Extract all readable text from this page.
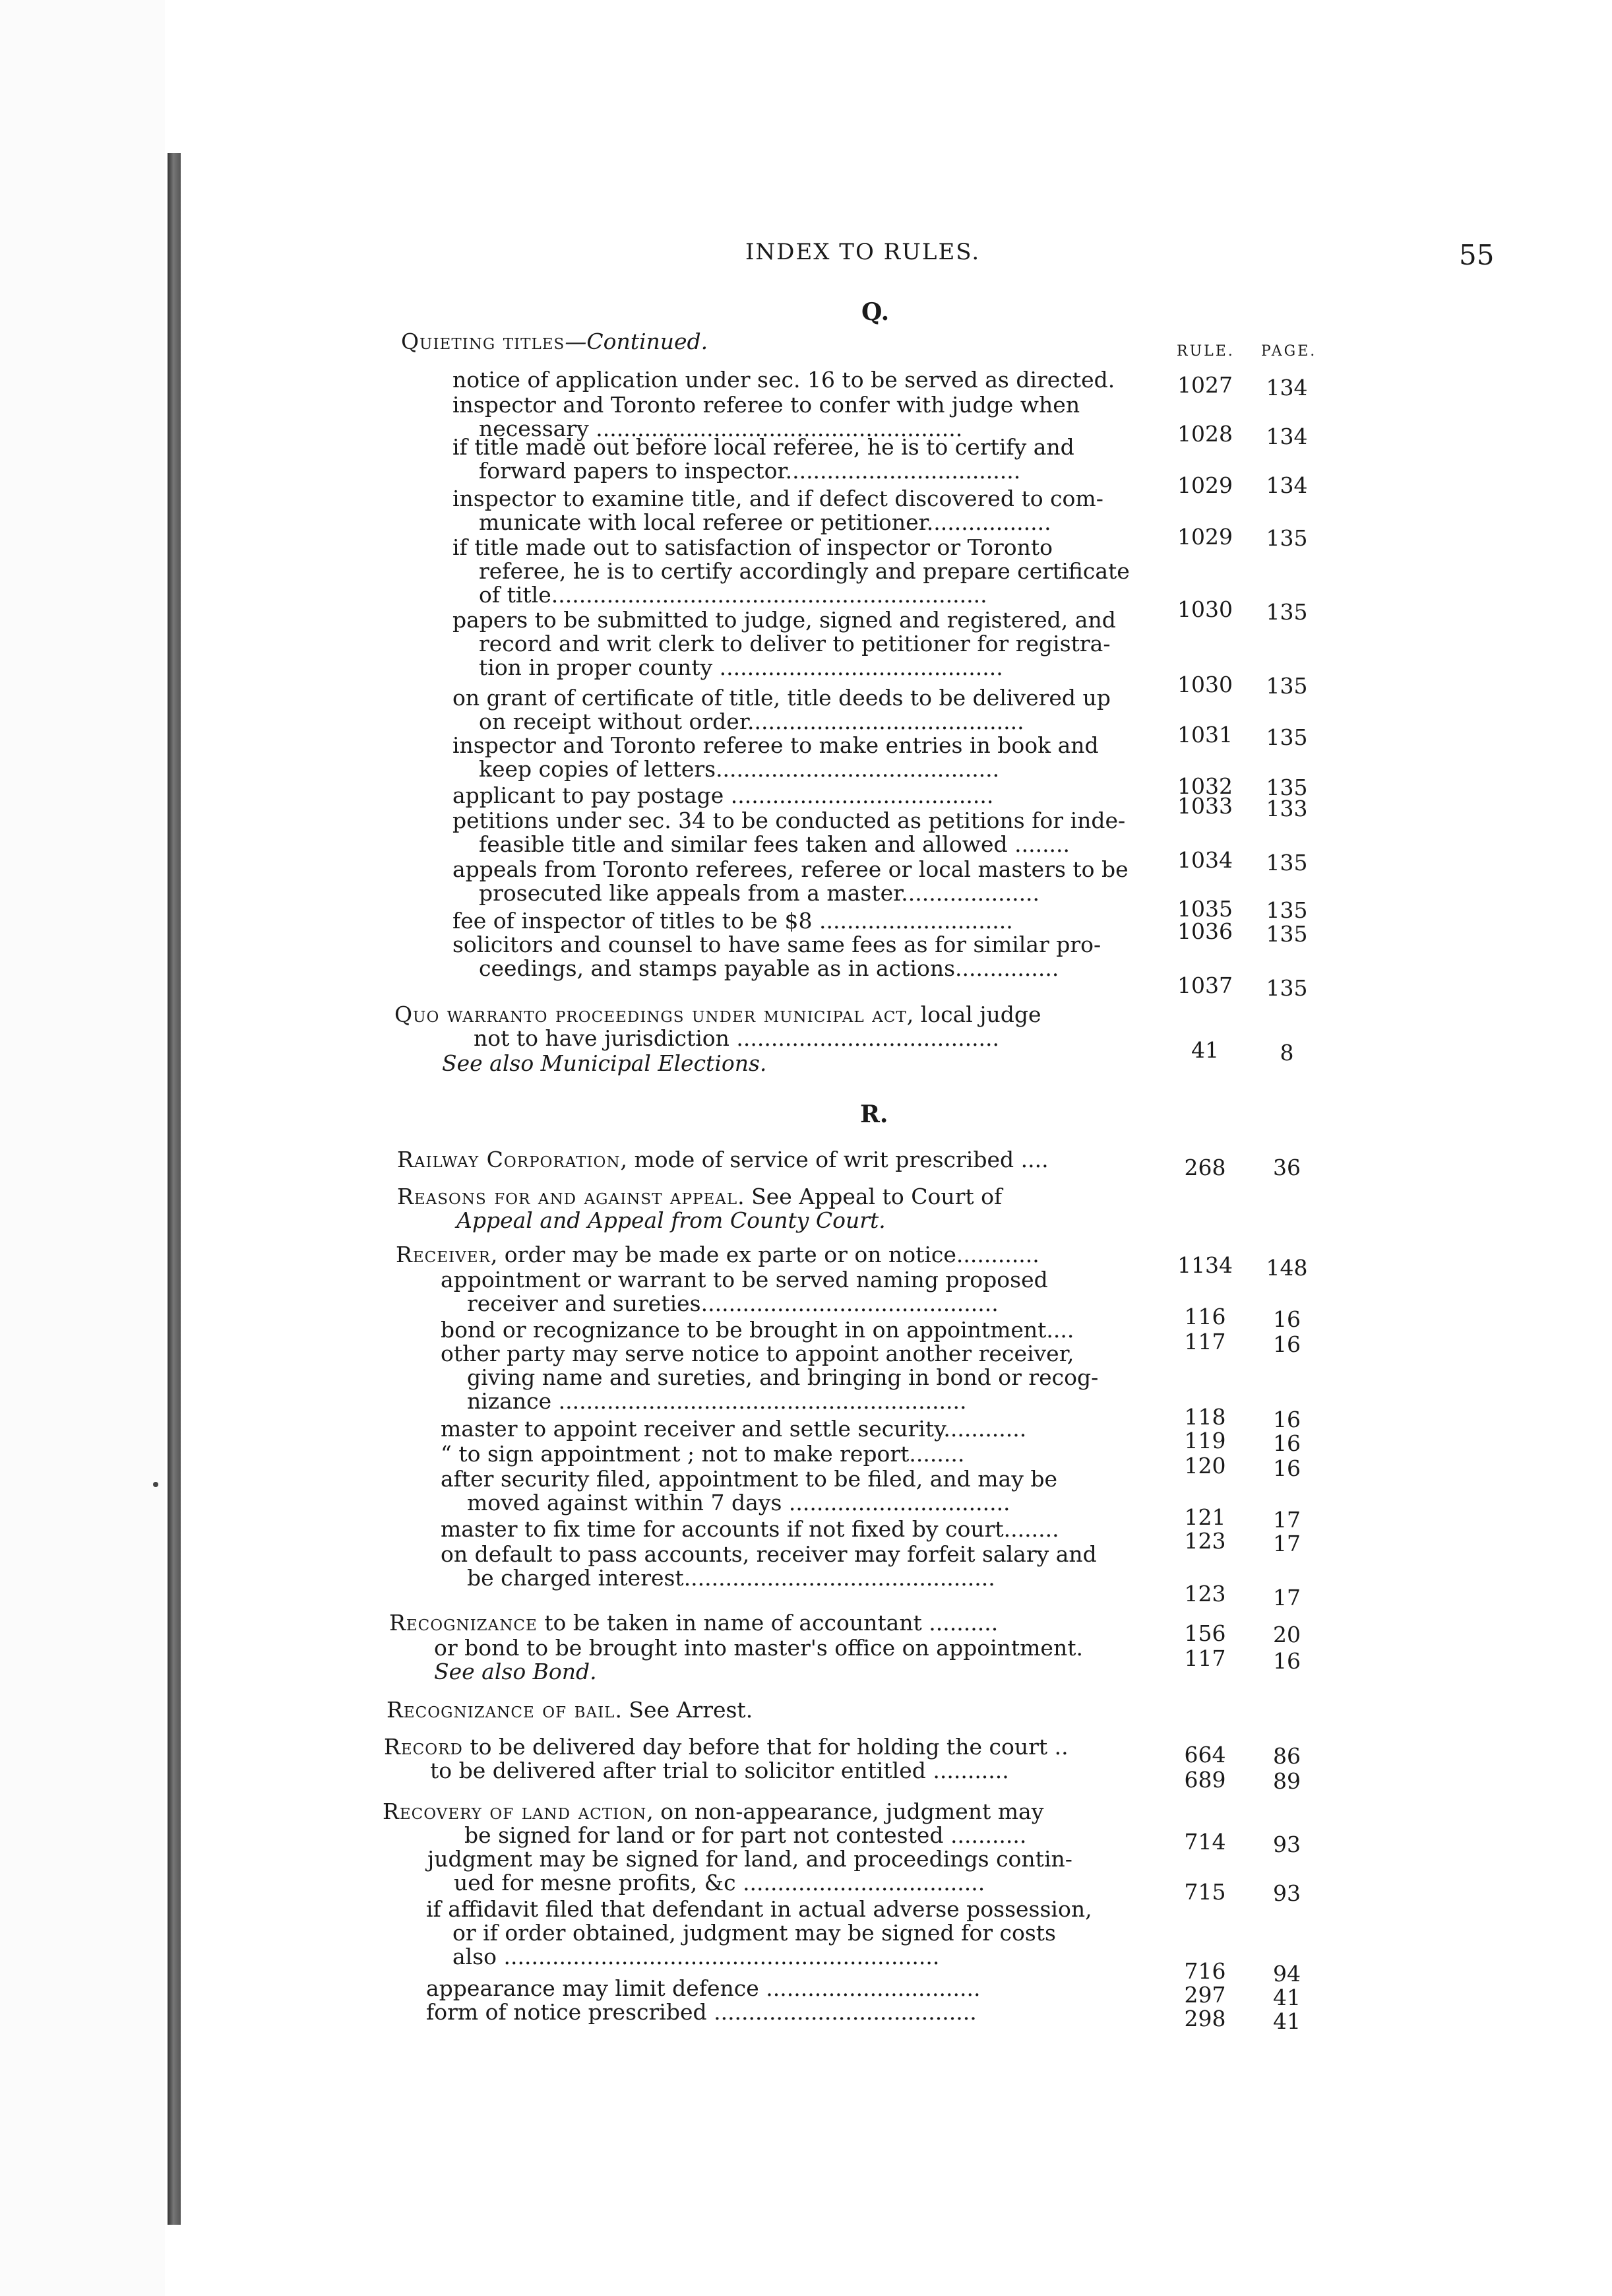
INDEX TO RULES.	55
Q.
RULE. PAGE.
Quieting titles—Continued.
notice of application under sec. 16 to be served as directed.	1027	134
inspector and Toronto referee to confer with judge when
necessary .....................................................	1028	134
if title made out before local referee, he is to certify and
forward papers to inspector..................................
1029	134
inspector to examine title, and if defect discovered to com-
municate with local referee or petitioner..................
1029	135
if title made out to satisfaction of inspector or Toronto
referee, he is to certify accordingly and prepare certificate
of title...............................................................
1030	135
papers to be submitted to judge, signed and registered, and
record and writ clerk to deliver to petitioner for registra-
tion in proper county .........................................
1030	135
on grant of certificate of title, title deeds to be delivered up
on receipt without order........................................
1031	135
inspector and Toronto referee to make entries in book and
keep copies of letters.........................................
1032	135
applicant to pay postage ......................................	1033	133
petitions under sec. 34 to be conducted as petitions for inde-
feasible title and similar fees taken and allowed ........
1034	135
appeals from Toronto referees, referee or local masters to be
prosecuted like appeals from a master....................
1035	135
fee of inspector of titles to be $8 ............................	1036	135
solicitors and counsel to have same fees as for similar pro-
ceedings, and stamps payable as in actions...............
1037	135
Quo warranto proceedings under municipal act, local judge
not to have jurisdiction ......................................	41	8
See also Municipal Elections.
R.
Railway Corporation, mode of service of writ prescribed ....	268	36
Reasons for and against appeal. See Appeal to Court of
Appeal and Appeal from County Court.
Receiver, order may be made ex parte or on notice............	1134	148
appointment or warrant to be served naming proposed
receiver and sureties...........................................
116	16
bond or recognizance to be brought in on appointment....	117	16
other party may serve notice to appoint another receiver,
giving name and sureties, and bringing in bond or recog-
nizance ...........................................................
118	16
master to appoint receiver and settle security............	119	16
“ to sign appointment ; not to make report........	120	16
after security filed, appointment to be filed, and may be
moved against within 7 days ................................
121	17
master to fix time for accounts if not fixed by court........	123	17
on default to pass accounts, receiver may forfeit salary and
be charged interest.............................................
123	17
Recognizance to be taken in name of accountant ..........	156	20
or bond to be brought into master's office on appointment.	117	16
See also Bond.
Recognizance of bail. See Arrest.
Record to be delivered day before that for holding the court ..	664	86
to be delivered after trial to solicitor entitled ...........	689	89
Recovery of land action, on non-appearance, judgment may
be signed for land or for part not contested ...........	714	93
judgment may be signed for land, and proceedings contin-
ued for mesne profits, &c ...................................	715	93
if affidavit filed that defendant in actual adverse possession,
or if order obtained, judgment may be signed for costs
also ...............................................................
716	94
appearance may limit defence ...............................	297	41
form of notice prescribed ......................................	298	41
